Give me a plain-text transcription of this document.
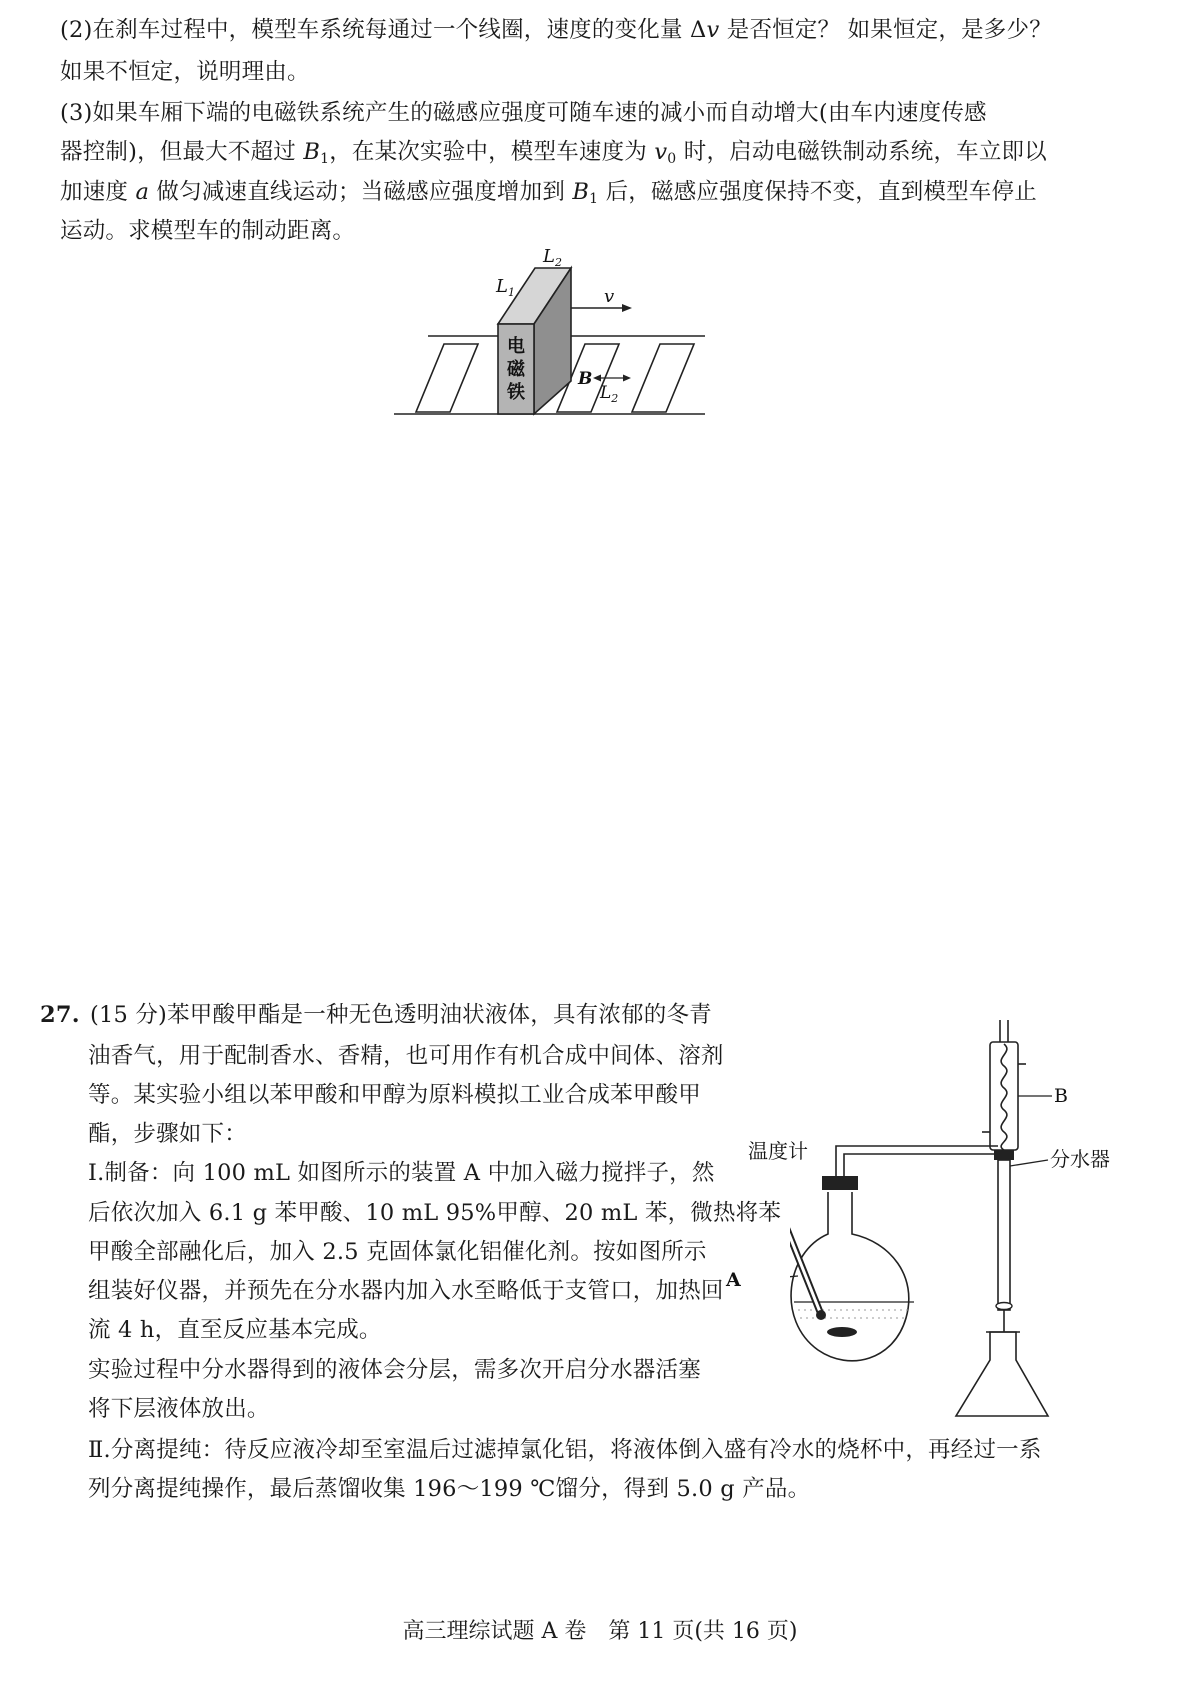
(2)在刹车过程中，模型车系统每通过一个线圈，速度的变化量 Δv 是否恒定？ 如果恒定，是多少？
如果不恒定，说明理由。
(3)如果车厢下端的电磁铁系统产生的磁感应强度可随车速的减小而自动增大(由车内速度传感
器控制)，但最大不超过 $B_1$，在某次实验中，模型车速度为 $v_0$ 时，启动电磁铁制动系统，车立即以
加速度 a 做匀减速直线运动；当磁感应强度增加到 $B_1$ 后，磁感应强度保持不变，直到模型车停止
运动。求模型车的制动距离。
电
磁
铁
$L_2$
$L_1$	v
B
$L_2$
27. (15 分)苯甲酸甲酯是一种无色透明油状液体，具有浓郁的冬青
油香气，用于配制香水、香精，也可用作有机合成中间体、溶剂
等。某实验小组以苯甲酸和甲醇为原料模拟工业合成苯甲酸甲
酯，步骤如下：
Ⅰ.制备：向 100 mL 如图所示的装置 A 中加入磁力搅拌子，然
后依次加入 6.1 g 苯甲酸、10 mL 95%甲醇、20 mL 苯，微热将苯
甲酸全部融化后，加入 2.5 克固体氯化铝催化剂。按如图所示
组装好仪器，并预先在分水器内加入水至略低于支管口，加热回
流 4 h，直至反应基本完成。
实验过程中分水器得到的液体会分层，需多次开启分水器活塞
将下层液体放出。
Ⅱ.分离提纯：待反应液冷却至室温后过滤掉氯化铝，将液体倒入盛有冷水的烧杯中，再经过一系
列分离提纯操作，最后蒸馏收集 196～199 ℃馏分，得到 5.0 g 产品。
B
分水器
温度计
A
高三理综试题 A 卷　第 11 页(共 16 页)
